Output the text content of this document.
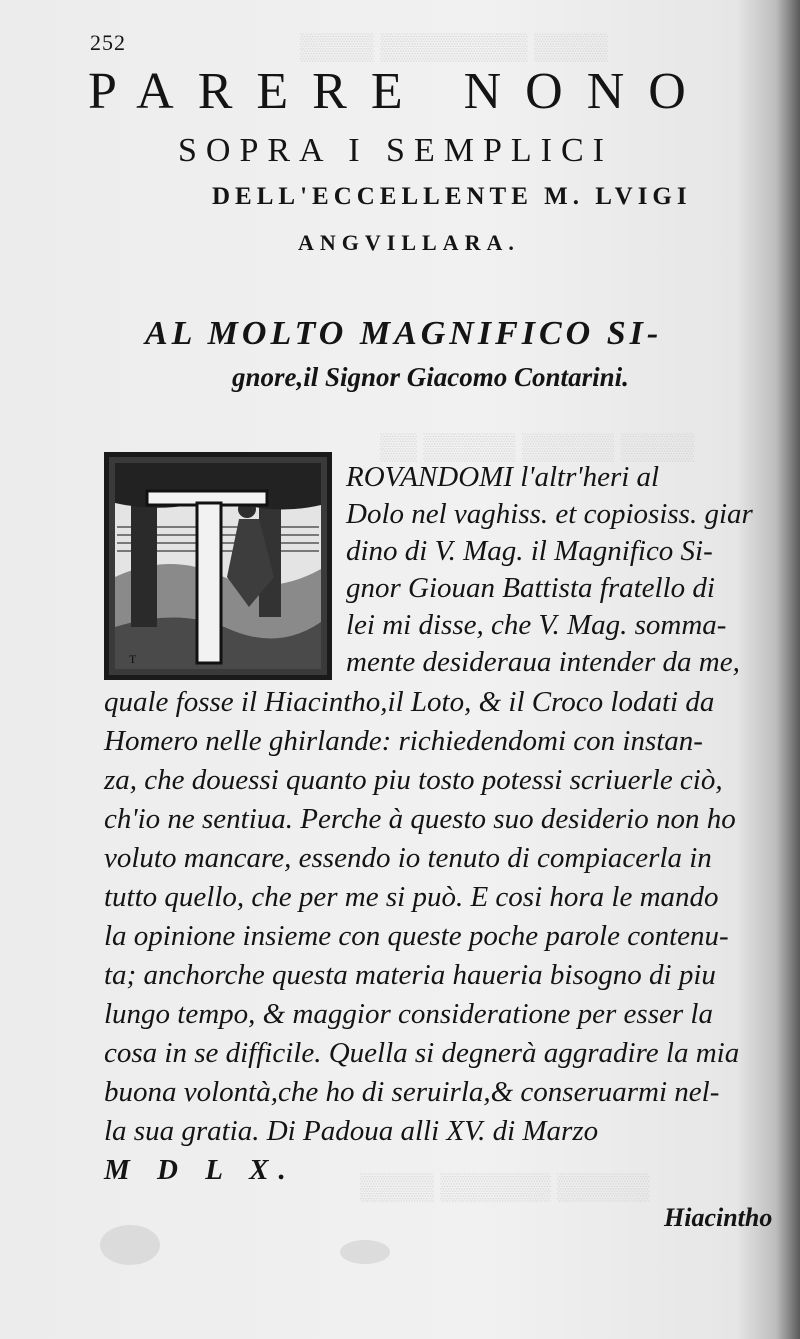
▒▒▒▒ ▒▒▒▒▒▒▒▒ ▒▒▒▒
▒▒▒▒ ▒▒▒▒▒ ▒▒▒▒▒ ▒▒
▒▒▒▒▒ ▒▒▒▒▒▒ ▒▒▒▒
252
PARERE NONO
SOPRA I SEMPLICI
DELL'ECCELLENTE M. LVIGI
ANGVILLARA.
AL MOLTO MAGNIFICO SI-
gnore,il Signor Giacomo Contarini.
T
ROVANDOMI l'altr'heri al
Dolo nel vaghiss. et copiosiss. giar
dino di V. Mag. il Magnifico Si-
gnor Giouan Battista fratello di
lei mi disse, che V. Mag. somma-
mente desideraua intender da me,
quale fosse il Hiacintho,il Loto, & il Croco lodati da
Homero nelle ghirlande: richiedendomi con instan-
za, che douessi quanto piu tosto potessi scriuerle ciò,
ch'io ne sentiua. Perche à questo suo desiderio non ho
voluto mancare, essendo io tenuto di compiacerla in
tutto quello, che per me si può. E cosi hora le mando
la opinione insieme con queste poche parole contenu-
ta; anchorche questa materia haueria bisogno di piu
lungo tempo, & maggior consideratione per esser la
cosa in se difficile. Quella si degnerà aggradire la mia
buona volontà,che ho di seruirla,& conseruarmi nel-
la sua gratia. Di Padoua alli XV. di Marzo
M D L X.
Hiacintho
